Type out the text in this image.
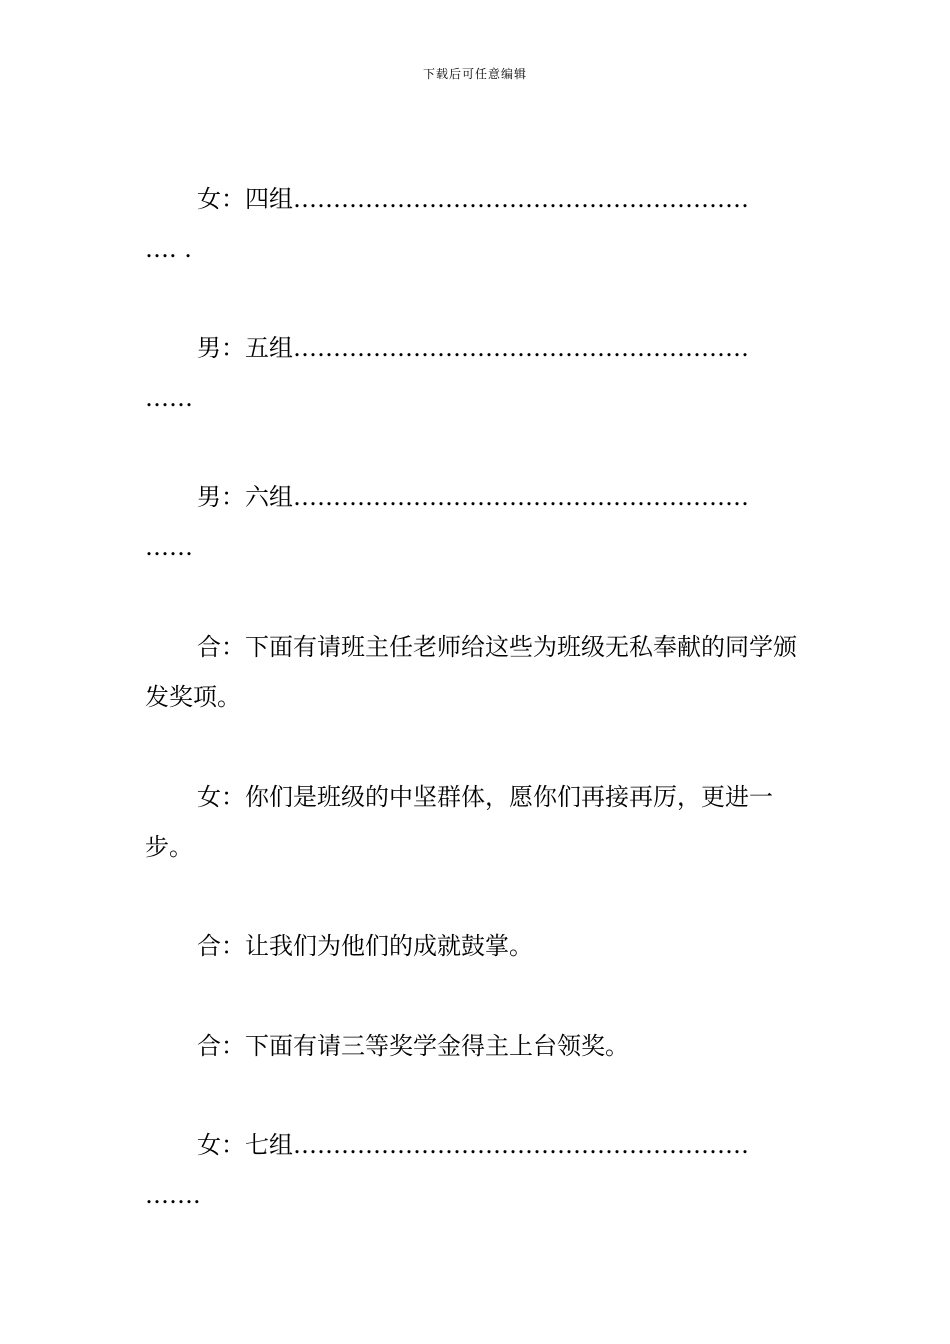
下载后可任意编辑
女：四组…………………………………………………
…. .
男：五组…………………………………………………
……
男：六组…………………………………………………
……
合：下面有请班主任老师给这些为班级无私奉献的同学颁发奖项。
女：你们是班级的中坚群体，愿你们再接再厉，更进一步。
合：让我们为他们的成就鼓掌。
合：下面有请三等奖学金得主上台领奖。
女：七组…………………………………………………
…….
